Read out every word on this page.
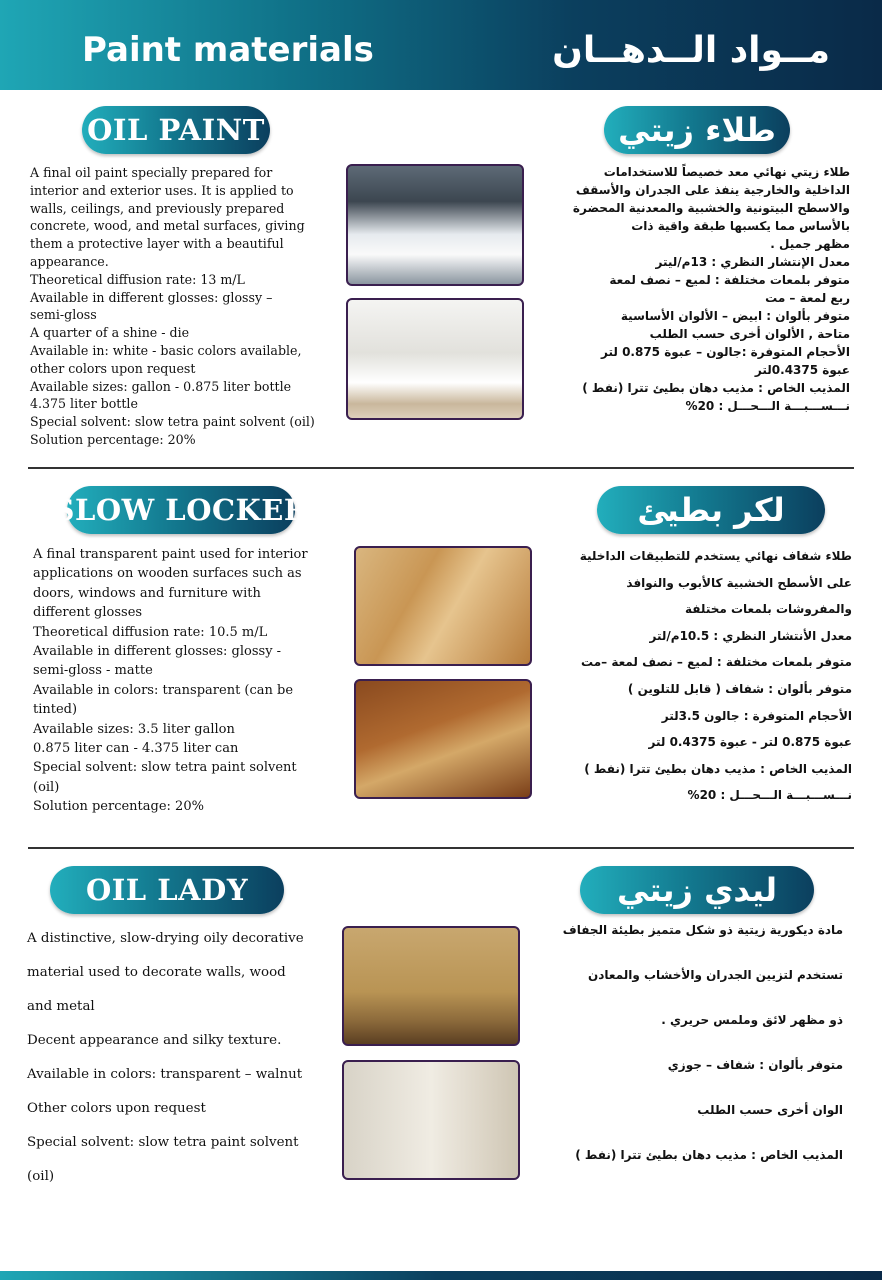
Paint materials	مــواد الــدهــان
OIL PAINT	طلاء زيتي
A final oil paint specially prepared for
interior and exterior uses. It is applied to
walls, ceilings, and previously prepared
concrete, wood, and metal surfaces, giving
them a protective layer with a beautiful
appearance.
Theoretical diffusion rate: 13 m/L
Available in different glosses: glossy –
semi-gloss
A quarter of a shine - die
Available in: white - basic colors available,
other colors upon request
Available sizes: gallon - 0.875 liter bottle
4.375 liter bottle
Special solvent: slow tetra paint solvent (oil)
Solution percentage: 20%
طلاء زيتي نهائي معد خصيصاً للاستخدامات
الداخلية والخارجية ينفذ على الجدران والأسقف
والاسطح البيتونية والخشبية والمعدنية المحضرة
بالأساس مما يكسبها طبقة واقية ذات
مظهر جميل .
معدل الإنتشار النظري : 13م/ليتر
متوفر بلمعات مختلفة : لميع – نصف لمعة
ربع لمعة – مت
متوفر بألوان : ابيض – الألوان الأساسية
متاحة , الألوان أخرى حسب الطلب
الأحجام المتوفرة :جالون – عبوة 0.875 لتر
عبوة 0.4375لتر
المذيب الخاص : مذيب دهان بطيئ تترا (نفط )
نـــســـبـــة الـــحـــل : 20%
SLOW LOCKER	لكر بطيئ
A final transparent paint used for interior
applications on wooden surfaces such as
doors, windows and furniture with
different glosses
Theoretical diffusion rate: 10.5 m/L
Available in different glosses: glossy -
semi-gloss - matte
Available in colors: transparent (can be
tinted)
Available sizes: 3.5 liter gallon
0.875 liter can - 4.375 liter can
Special solvent: slow tetra paint solvent
(oil)
Solution percentage: 20%
طلاء شفاف نهائي يستخدم للتطبيقات الداخلية
على الأسطح الخشبية كالأبوب والنوافذ
والمفروشات بلمعات مختلفة
معدل الأنتشار النظري : 10.5م/لتر
متوفر بلمعات مختلفة : لميع – نصف لمعة –مت
متوفر بألوان : شفاف ( قابل للتلوين )
الأحجام المتوفرة : جالون 3.5لتر
عبوة 0.875 لتر - عبوة 0.4375 لتر
المذيب الخاص : مذيب دهان بطيئ تترا (نفط )
نـــســـبـــة الـــحـــل : 20%
OIL LADY	ليدي زيتي
A distinctive, slow-drying oily decorative
material used to decorate walls, wood
and metal
Decent appearance and silky texture.
Available in colors: transparent – walnut
Other colors upon request
Special solvent: slow tetra paint solvent
(oil)
مادة ديكورية زيتية ذو شكل متميز بطيئة الجفاف
تستخدم لتزيين الجدران والأخشاب والمعادن
ذو مظهر لائق وملمس حريري .
متوفر بألوان : شفاف – جوزي
الوان أخرى حسب الطلب
المذيب الخاص : مذيب دهان بطيئ تترا (نفط )
